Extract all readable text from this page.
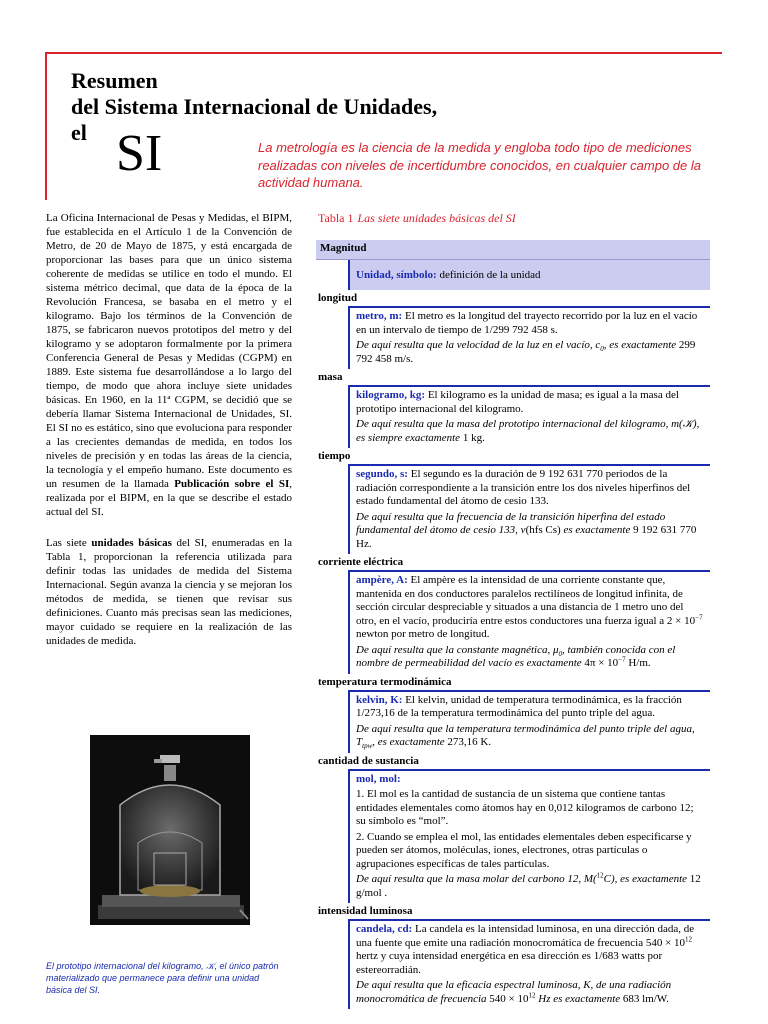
Resumen
del Sistema Internacional de Unidades,
el SI	La metrología es la ciencia de la medida y engloba todo tipo de mediciones realizadas con niveles de incertidumbre conocidos, en cualquier campo de la actividad humana.

La Oficina Internacional de Pesas y Medidas, el BIPM, fue establecida en el Artículo 1 de la Convención de Metro, de 20 de Mayo de 1875, y está encargada de proporcionar las bases para que un único sistema coherente de medidas se utilice en todo el mundo. El sistema métrico decimal, que data de la época de la Revolución Francesa, se basaba en el metro y el kilogramo. Bajo los términos de la Convención de 1875, se fabricaron nuevos prototipos del metro y del kilogramo y se adoptaron formalmente por la primera Conferencia General de Pesas y Medidas (CGPM) en 1889. Este sistema fue desarrollándose a lo largo del tiempo, de modo que ahora incluye siete unidades básicas. En 1960, en la 11ª CGPM, se decidió que se debería llamar Sistema Internacional de Unidades, SI. El SI no es estático, sino que evoluciona para responder a las crecientes demandas de medida, en todos los niveles de precisión y en todas las áreas de la ciencia, la tecnología y el empeño humano. Este documento es un resumen de la llamada Publicación sobre el SI, realizada por el BIPM, en la que se describe el estado actual del SI.

Las siete unidades básicas del SI, enumeradas en la Tabla 1, proporcionan la referencia utilizada para definir todas las unidades de medida del Sistema Internacional. Según avanza la ciencia y se mejoran los métodos de medida, se tienen que revisar sus definiciones. Cuanto más precisas sean las mediciones, mayor cuidado se requiere en la realización de las unidades de medida.

El prototipo internacional del kilogramo, 𝒦, el único patrón materializado que permanece para definir una unidad básica del SI.
Tabla 1 Las siete unidades básicas del SI
Magnitud
Unidad, símbolo: definición de la unidad
longitud
metro, m: El metro es la longitud del trayecto recorrido por la luz en el vacío en un intervalo de tiempo de 1/299 792 458 s.
De aquí resulta que la velocidad de la luz en el vacío, $c_0$, es exactamente 299 792 458 m/s.
masa
kilogramo, kg: El kilogramo es la unidad de masa; es igual a la masa del prototipo internacional del kilogramo.
De aquí resulta que la masa del prototipo internacional del kilogramo, m(𝒦), es siempre exactamente 1 kg.
tiempo
segundo, s: El segundo es la duración de 9 192 631 770 periodos de la radiación correspondiente a la transición entre los dos niveles hiperfinos del estado fundamental del átomo de cesio 133.
De aquí resulta que la frecuencia de la transición hiperfina del estado fundamental del átomo de cesio 133, ν(hfs Cs) es exactamente 9 192 631 770 Hz.
corriente eléctrica
ampère, A: El ampère es la intensidad de una corriente constante que, mantenida en dos conductores paralelos rectilíneos de longitud infinita, de sección circular despreciable y situados a una distancia de 1 metro uno del otro, en el vacío, produciría entre estos conductores una fuerza igual a $2 \times 10^{-7}$ newton por metro de longitud.
De aquí resulta que la constante magnética, $\mu_0$, también conocida con el nombre de permeabilidad del vacío es exactamente $4\pi \times 10^{-7}$ H/m.
temperatura termodinámica
kelvin, K: El kelvin, unidad de temperatura termodinámica, es la fracción 1/273,16 de la temperatura termodinámica del punto triple del agua.
De aquí resulta que la temperatura termodinámica del punto triple del agua, $T_{tpw}$, es exactamente 273,16 K.
cantidad de sustancia
mol, mol:
1. El mol es la cantidad de sustancia de un sistema que contiene tantas entidades elementales como átomos hay en 0,012 kilogramos de carbono 12; su símbolo es “mol”.
2. Cuando se emplea el mol, las entidades elementales deben especificarse y pueden ser átomos, moléculas, iones, electrones, otras partículas o agrupaciones específicas de tales partículas.
De aquí resulta que la masa molar del carbono 12, M($^{12}$C), es exactamente 12 g/mol .
intensidad luminosa
candela, cd: La candela es la intensidad luminosa, en una dirección dada, de una fuente que emite una radiación monocromática de frecuencia $540 \times 10^{12}$ hertz y cuya intensidad energética en esa dirección es 1/683 watts por estereorradián.
De aquí resulta que la eficacia espectral luminosa, K, de una radiación monocromática de frecuencia $540 \times 10^{12}$ Hz es exactamente 683 lm/W.
